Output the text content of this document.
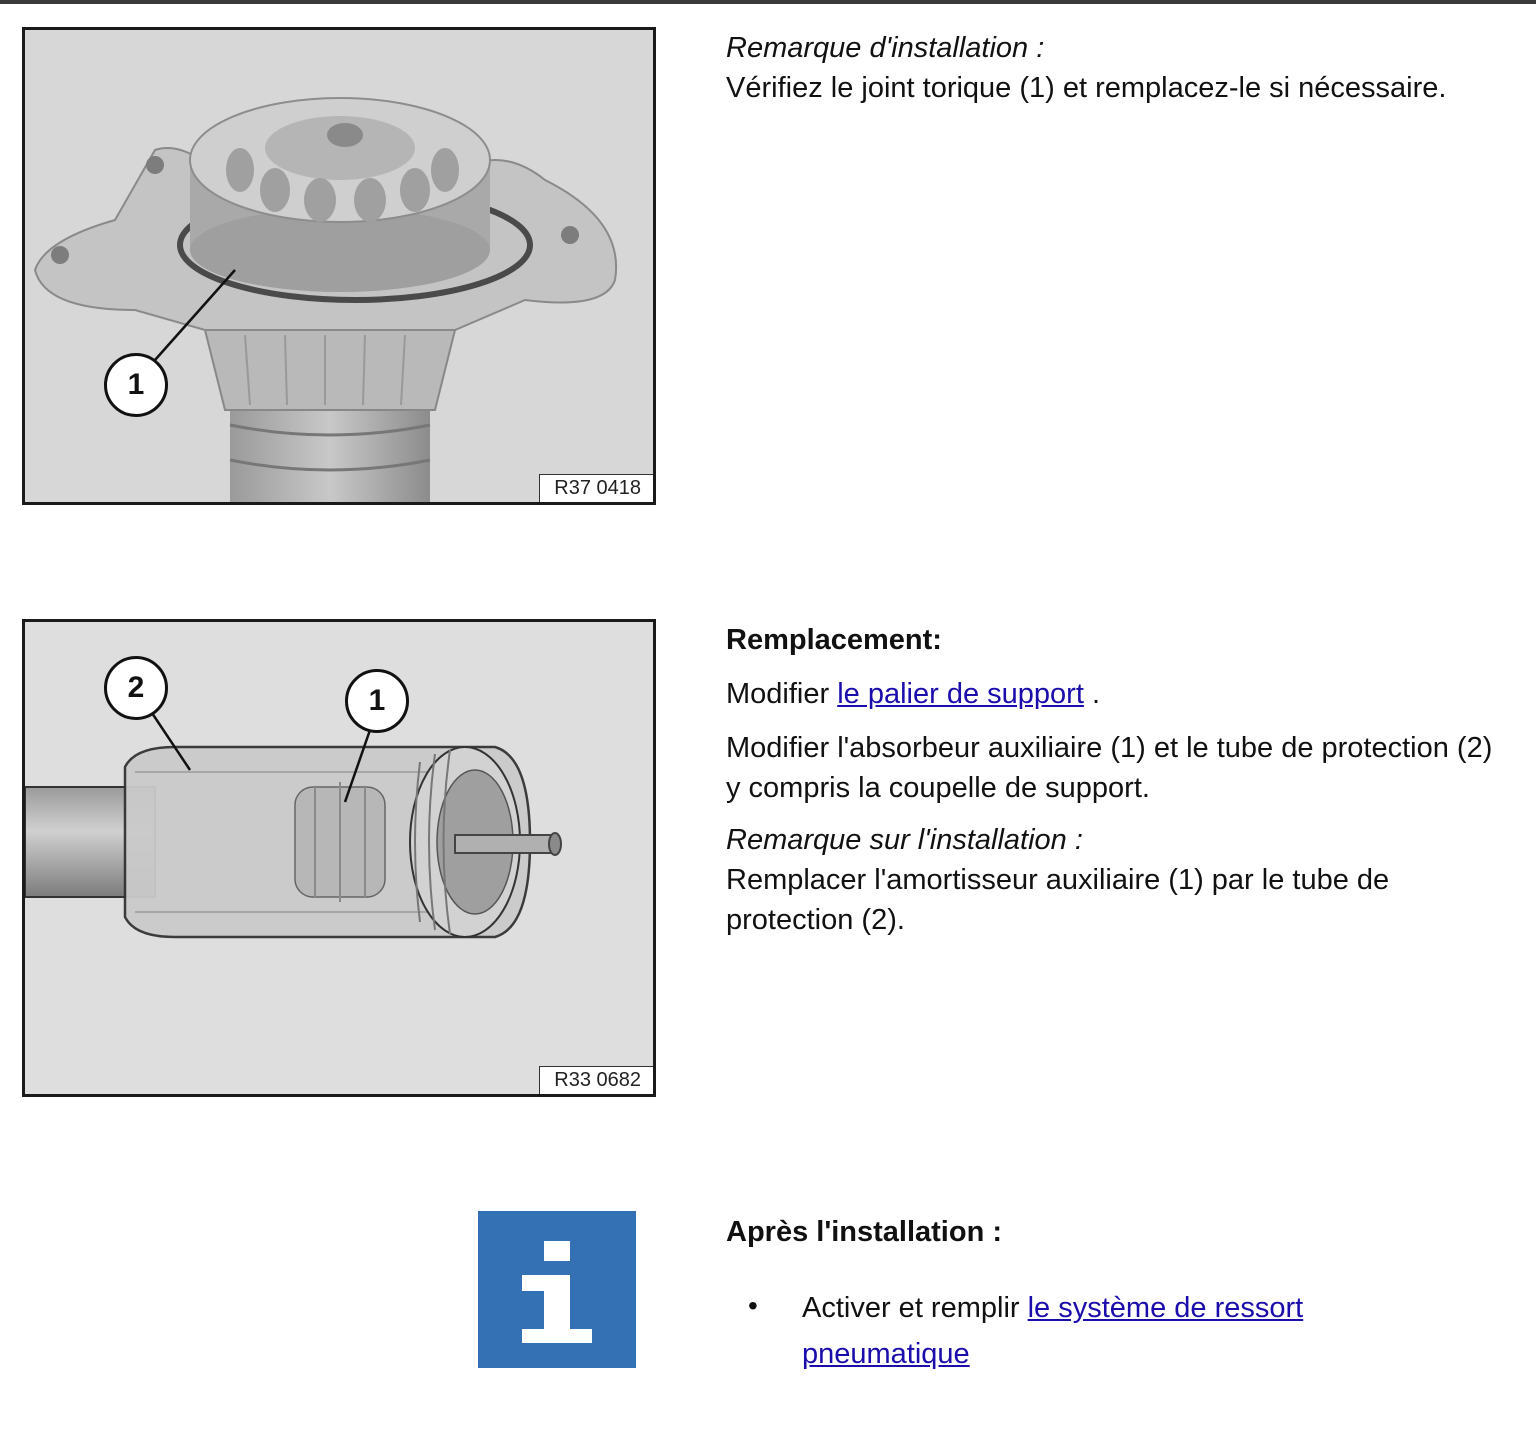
1
R37 0418

Remarque d'installation :

Vérifiez le joint torique (1) et remplacez-le si nécessaire.

2	1
R33 0682

Remplacement:

Modifier le palier de support .

Modifier l'absorbeur auxiliaire (1) et le tube de protection (2) y compris la coupelle de support.

Remarque sur l'installation :

Remplacer l'amortisseur auxiliaire (1) par le tube de protection (2).

Après l'installation :

• Activer et remplir le système de ressort pneumatique
